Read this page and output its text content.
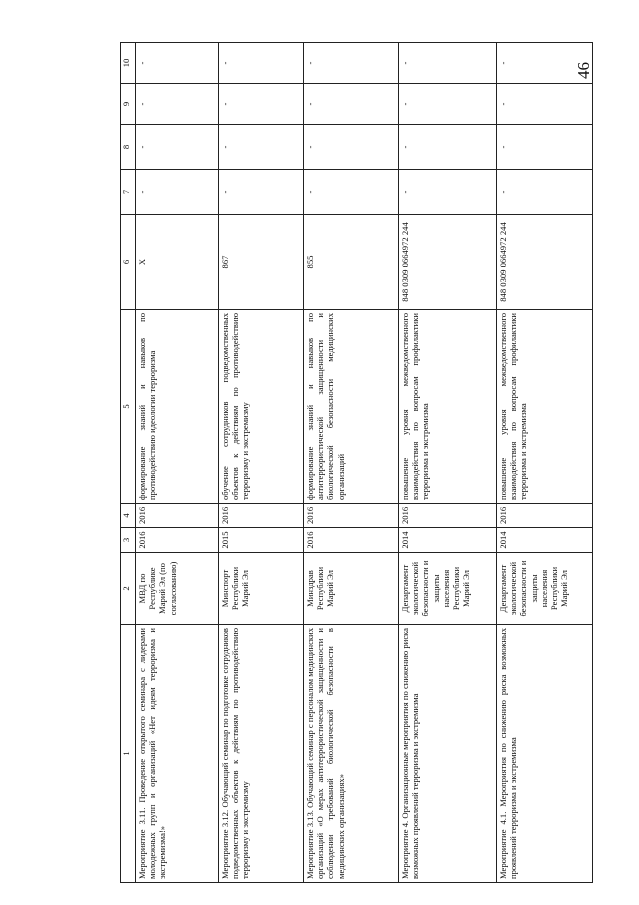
46
1	2	3	4	5	6	7	8	9	10
Мероприятие 3.11. Проведение открытого семинара с лидерами молодежных групп и организаций «Нет идеям терроризма и экстремизма!»	МВД по Республике Марий Эл (по согласованию)	2016	2016	формирование знаний и навыков по противодействию идеологии терроризма	X	-	-	-	-
Мероприятие 3.12. Обучающий семинар по подготовке сотрудников подведомственных объектов к действиям по противодействию терроризму и экстремизму	Минспорт Республики Марий Эл	2015	2016	обучение сотрудников подведомственных объектов к действиям по противодействию терроризму и экстремизму	867	-	-	-	-
Мероприятие 3.13. Обучающий семинар с персоналом медицинских организаций «О мерах антитеррористической защищенности и соблюдении требований биологической безопасности в медицинских организациях»	Минздрав Республики Марий Эл	2016	2016	формирование знаний и навыков по антитеррористической защищенности и биологической безопасности медицинских организаций	855	-	-	-	-
Мероприятие 4. Организационные мероприятия по снижению риска возможных проявлений терроризма и экстремизма	Департамент экологической безопасности и защиты населения Республики Марий Эл	2014	2016	повышение уровня межведомственного взаимодействия по вопросам профилактики терроризма и экстремизма	848 0309 0664972 244	-	-	-	-
Мероприятие 4.1. Мероприятия по снижению риска возможных проявлений терроризма и экстремизма	Департамент экологической безопасности и защиты населения Республики Марий Эл	2014	2016	повышение уровня межведомственного взаимодействия по вопросам профилактики терроризма и экстремизма	848 0309 0664972 244	-	-	-	-
